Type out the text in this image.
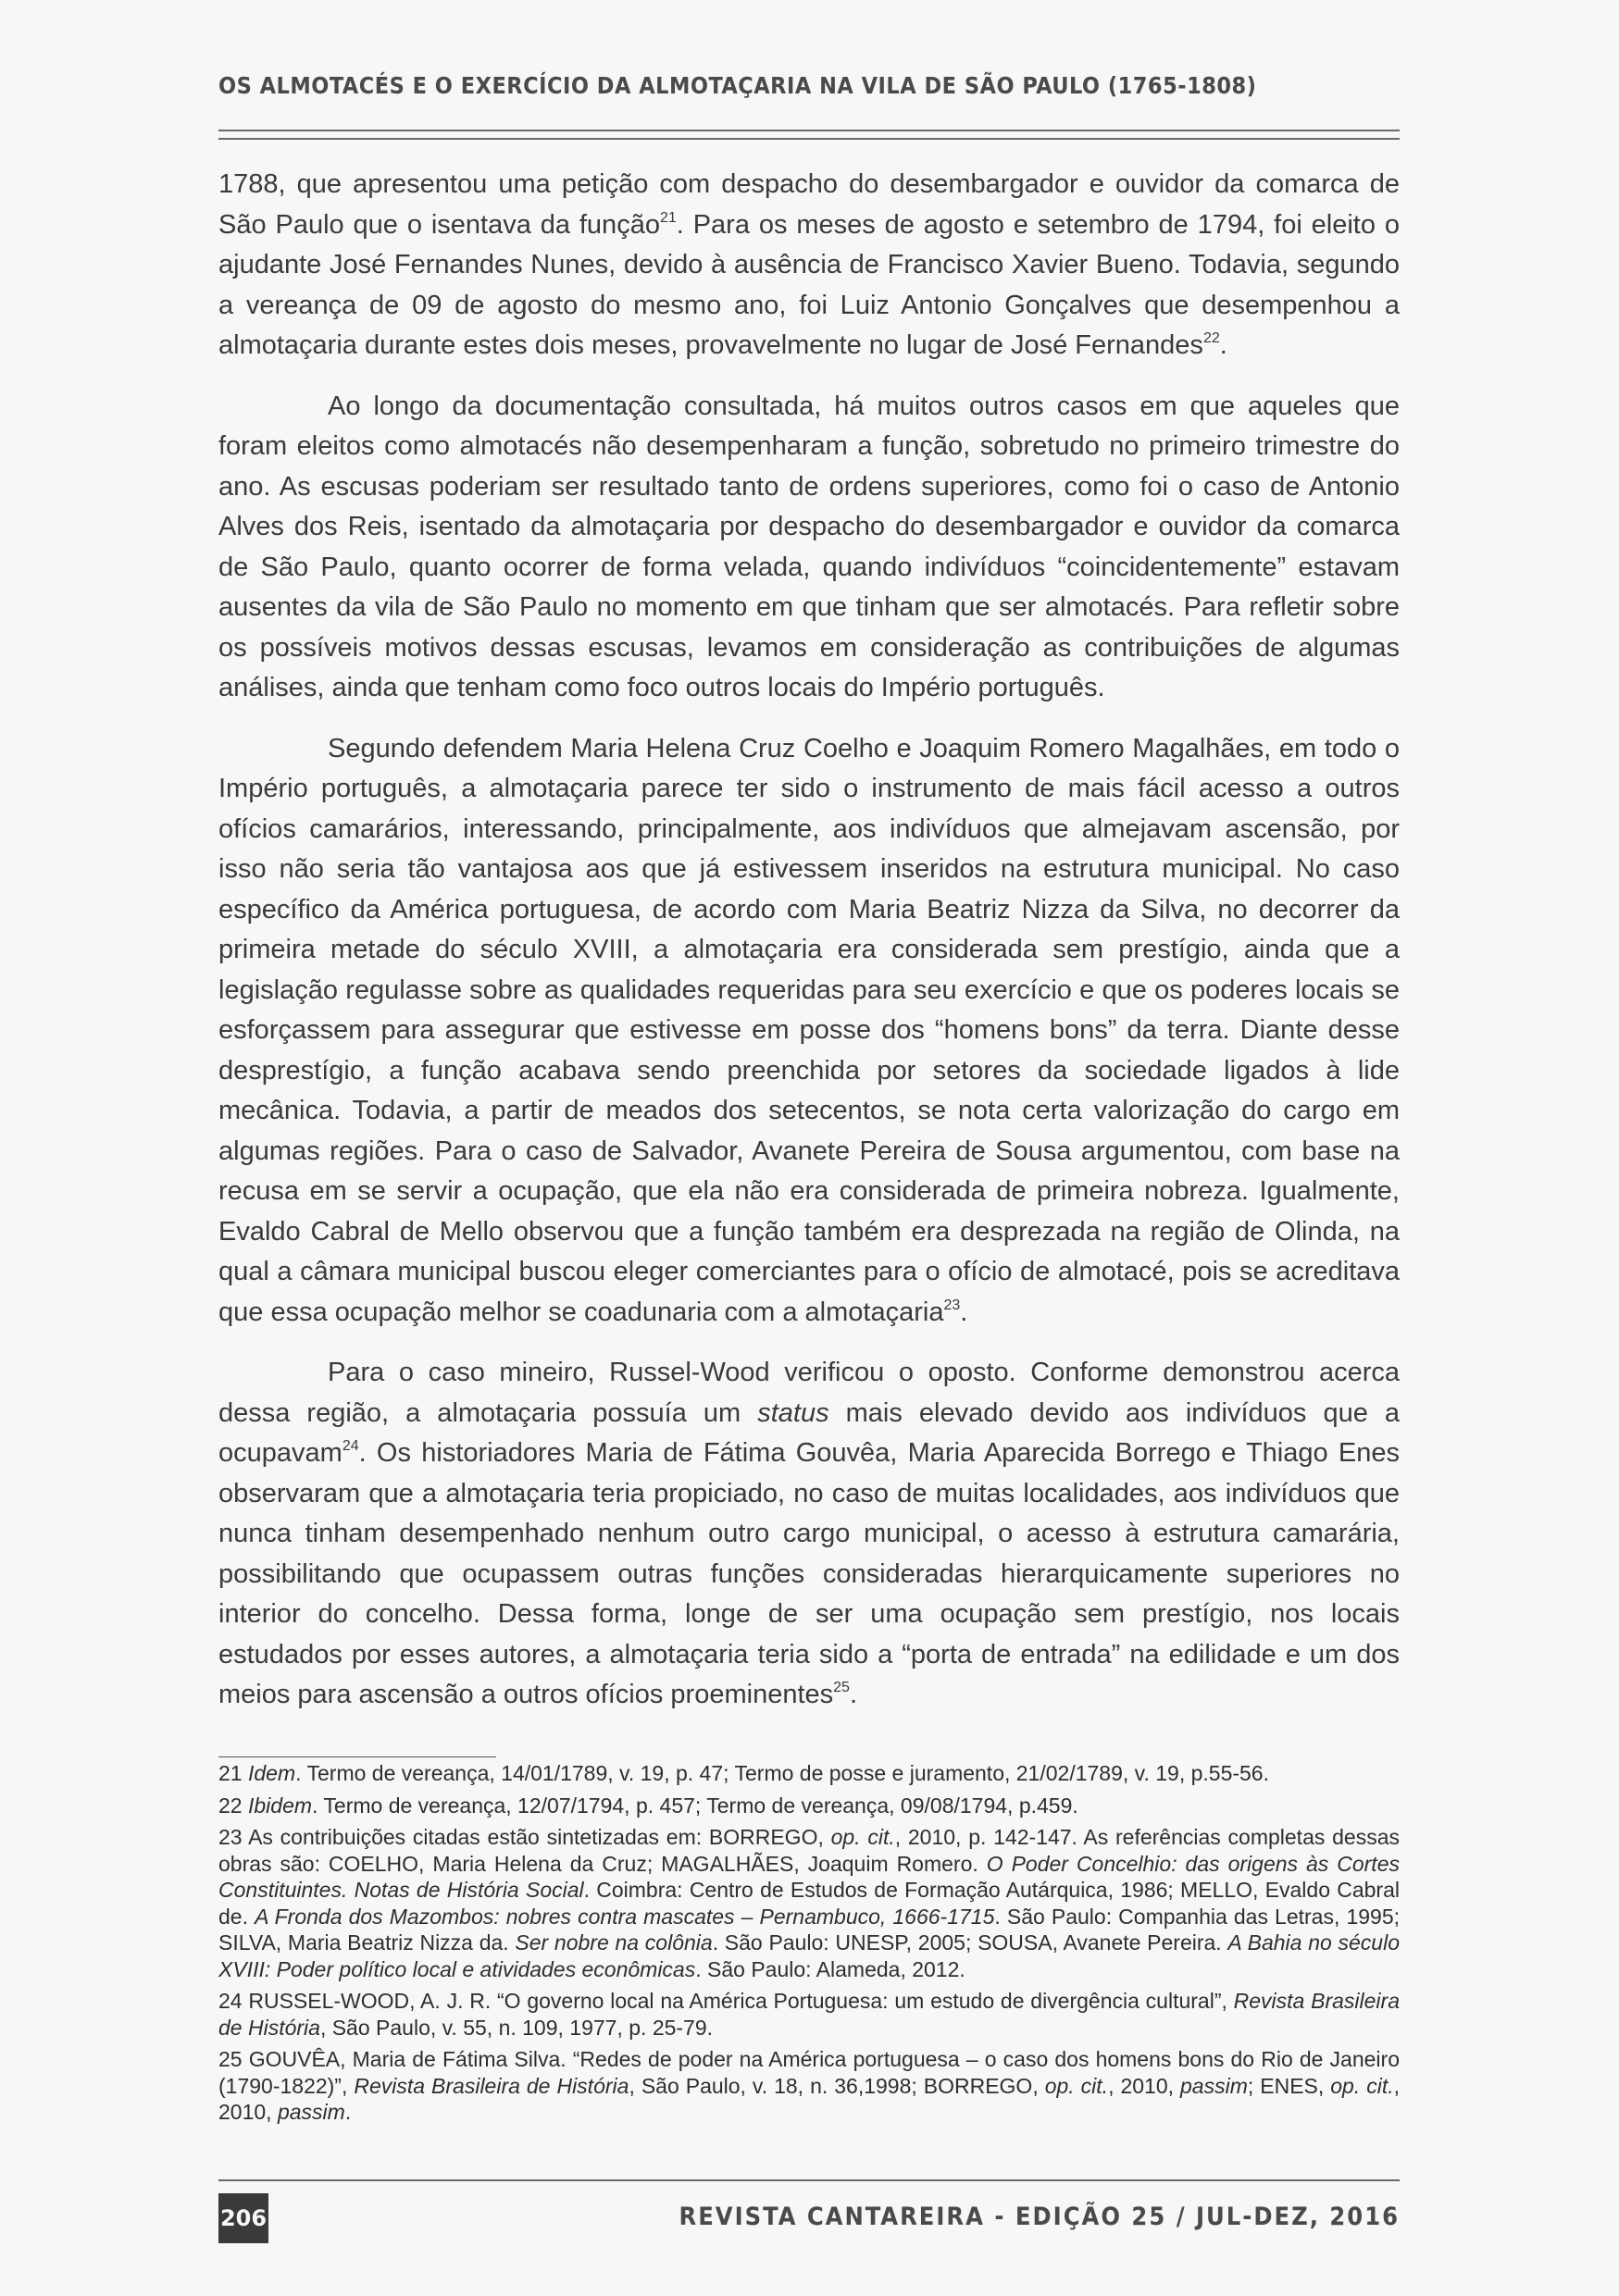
OS ALMOTACÉS E O EXERCÍCIO DA ALMOTAÇARIA NA VILA DE SÃO PAULO (1765-1808)

1788, que apresentou uma petição com despacho do desembargador e ouvidor da comarca de São Paulo que o isentava da função$^{21}$. Para os meses de agosto e setembro de 1794, foi eleito o ajudante José Fernandes Nunes, devido à ausência de Francisco Xavier Bueno. Todavia, segundo a vereança de 09 de agosto do mesmo ano, foi Luiz Antonio Gonçalves que desempenhou a almotaçaria durante estes dois meses, provavelmente no lugar de José Fernandes$^{22}$.

Ao longo da documentação consultada, há muitos outros casos em que aqueles que foram eleitos como almotacés não desempenharam a função, sobretudo no primeiro trimestre do ano. As escusas poderiam ser resultado tanto de ordens superiores, como foi o caso de Antonio Alves dos Reis, isentado da almotaçaria por despacho do desembargador e ouvidor da comarca de São Paulo, quanto ocorrer de forma velada, quando indivíduos “coincidentemente” estavam ausentes da vila de São Paulo no momento em que tinham que ser almotacés. Para refletir sobre os possíveis motivos dessas escusas, levamos em consideração as contribuições de algumas análises, ainda que tenham como foco outros locais do Império português.

Segundo defendem Maria Helena Cruz Coelho e Joaquim Romero Magalhães, em todo o Império português, a almotaçaria parece ter sido o instrumento de mais fácil acesso a outros ofícios camarários, interessando, principalmente, aos indivíduos que almejavam ascensão, por isso não seria tão vantajosa aos que já estivessem inseridos na estrutura municipal. No caso específico da América portuguesa, de acordo com Maria Beatriz Nizza da Silva, no decorrer da primeira metade do século XVIII, a almotaçaria era considerada sem prestígio, ainda que a legislação regulasse sobre as qualidades requeridas para seu exercício e que os poderes locais se esforçassem para assegurar que estivesse em posse dos “homens bons” da terra. Diante desse desprestígio, a função acabava sendo preenchida por setores da sociedade ligados à lide mecânica. Todavia, a partir de meados dos setecentos, se nota certa valorização do cargo em algumas regiões. Para o caso de Salvador, Avanete Pereira de Sousa argumentou, com base na recusa em se servir a ocupação, que ela não era considerada de primeira nobreza. Igualmente, Evaldo Cabral de Mello observou que a função também era desprezada na região de Olinda, na qual a câmara municipal buscou eleger comerciantes para o ofício de almotacé, pois se acreditava que essa ocupação melhor se coadunaria com a almotaçaria$^{23}$.

Para o caso mineiro, Russel-Wood verificou o oposto. Conforme demonstrou acerca dessa região, a almotaçaria possuía um status mais elevado devido aos indivíduos que a ocupavam$^{24}$. Os historiadores Maria de Fátima Gouvêa, Maria Aparecida Borrego e Thiago Enes observaram que a almotaçaria teria propiciado, no caso de muitas localidades, aos indivíduos que nunca tinham desempenhado nenhum outro cargo municipal, o acesso à estrutura camarária, possibilitando que ocupassem outras funções consideradas hierarquicamente superiores no interior do concelho. Dessa forma, longe de ser uma ocupação sem prestígio, nos locais estudados por esses autores, a almotaçaria teria sido a “porta de entrada” na edilidade e um dos meios para ascensão a outros ofícios proeminentes$^{25}$.

21 Idem. Termo de vereança, 14/01/1789, v. 19, p. 47; Termo de posse e juramento, 21/02/1789, v. 19, p.55-56.

22 Ibidem. Termo de vereança, 12/07/1794, p. 457; Termo de vereança, 09/08/1794, p.459.

23 As contribuições citadas estão sintetizadas em: BORREGO, op. cit., 2010, p. 142-147. As referências completas dessas obras são: COELHO, Maria Helena da Cruz; MAGALHÃES, Joaquim Romero. O Poder Concelhio: das origens às Cortes Constituintes. Notas de História Social. Coimbra: Centro de Estudos de Formação Autárquica, 1986; MELLO, Evaldo Cabral de. A Fronda dos Mazombos: nobres contra mascates – Pernambuco, 1666-1715. São Paulo: Companhia das Letras, 1995; SILVA, Maria Beatriz Nizza da. Ser nobre na colônia. São Paulo: UNESP, 2005; SOUSA, Avanete Pereira. A Bahia no século XVIII: Poder político local e atividades econômicas. São Paulo: Alameda, 2012.

24 RUSSEL-WOOD, A. J. R. “O governo local na América Portuguesa: um estudo de divergência cultural”, Revista Brasileira de História, São Paulo, v. 55, n. 109, 1977, p. 25-79.

25 GOUVÊA, Maria de Fátima Silva. “Redes de poder na América portuguesa – o caso dos homens bons do Rio de Janeiro (1790-1822)”, Revista Brasileira de História, São Paulo, v. 18, n. 36,1998; BORREGO, op. cit., 2010, passim; ENES, op. cit., 2010, passim.

206	REVISTA CANTAREIRA - EDIÇÃO 25 / JUL-DEZ, 2016
